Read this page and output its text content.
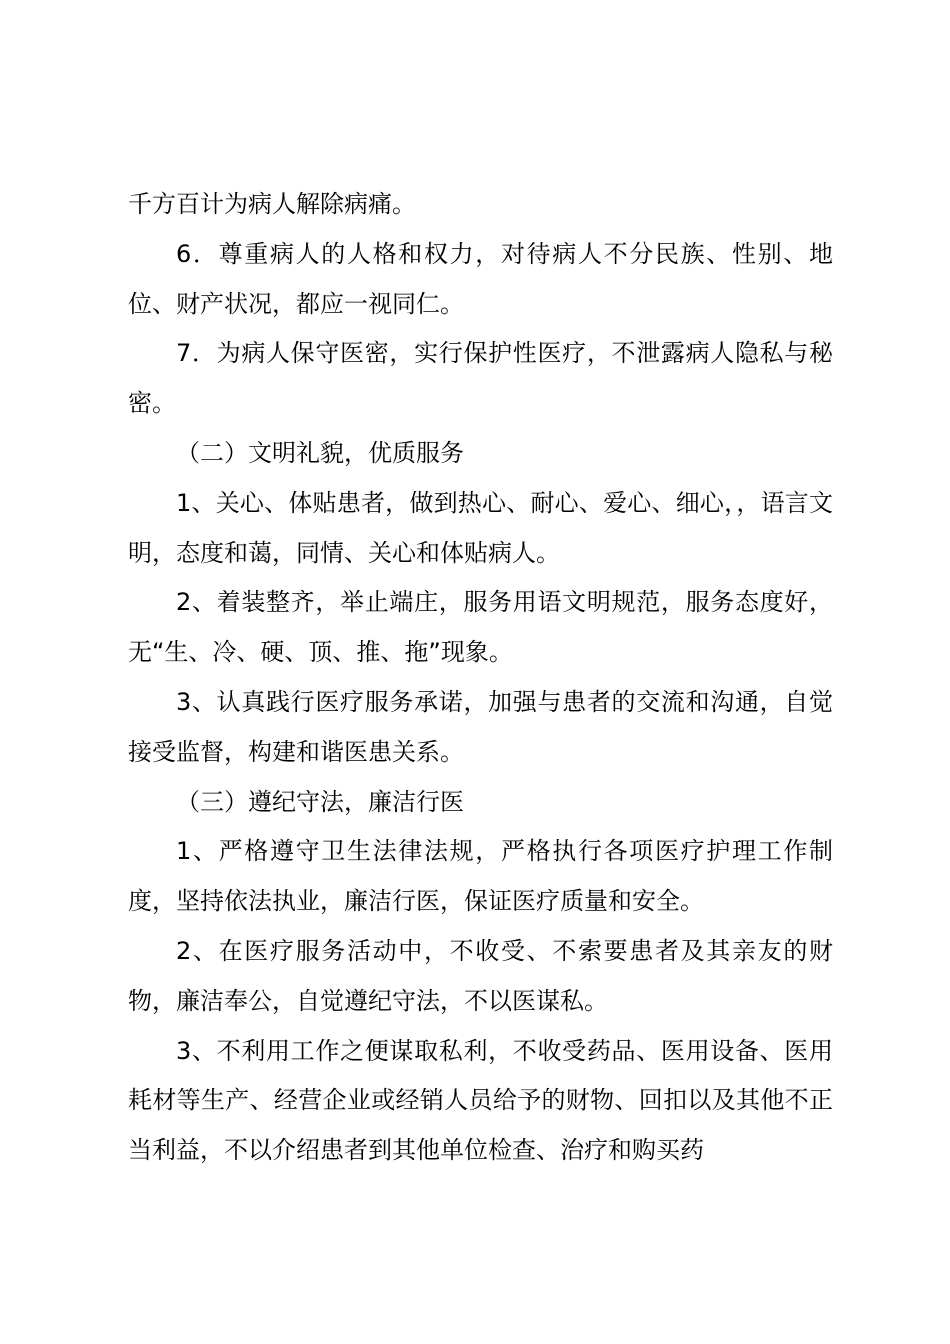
千方百计为病人解除病痛。

6．尊重病人的人格和权力，对待病人不分民族、性别、地位、财产状况，都应一视同仁。

7．为病人保守医密，实行保护性医疗，不泄露病人隐私与秘密。

（二）文明礼貌，优质服务

1、关心、体贴患者，做到热心、耐心、爱心、细心，，语言文明，态度和蔼，同情、关心和体贴病人。

2、着装整齐，举止端庄，服务用语文明规范，服务态度好，无“生、冷、硬、顶、推、拖”现象。

3、认真践行医疗服务承诺，加强与患者的交流和沟通，自觉接受监督，构建和谐医患关系。

（三）遵纪守法，廉洁行医

1、严格遵守卫生法律法规，严格执行各项医疗护理工作制度，坚持依法执业，廉洁行医，保证医疗质量和安全。

2、在医疗服务活动中，不收受、不索要患者及其亲友的财物，廉洁奉公，自觉遵纪守法，不以医谋私。

3、不利用工作之便谋取私利，不收受药品、医用设备、医用耗材等生产、经营企业或经销人员给予的财物、回扣以及其他不正当利益，不以介绍患者到其他单位检查、治疗和购买药
